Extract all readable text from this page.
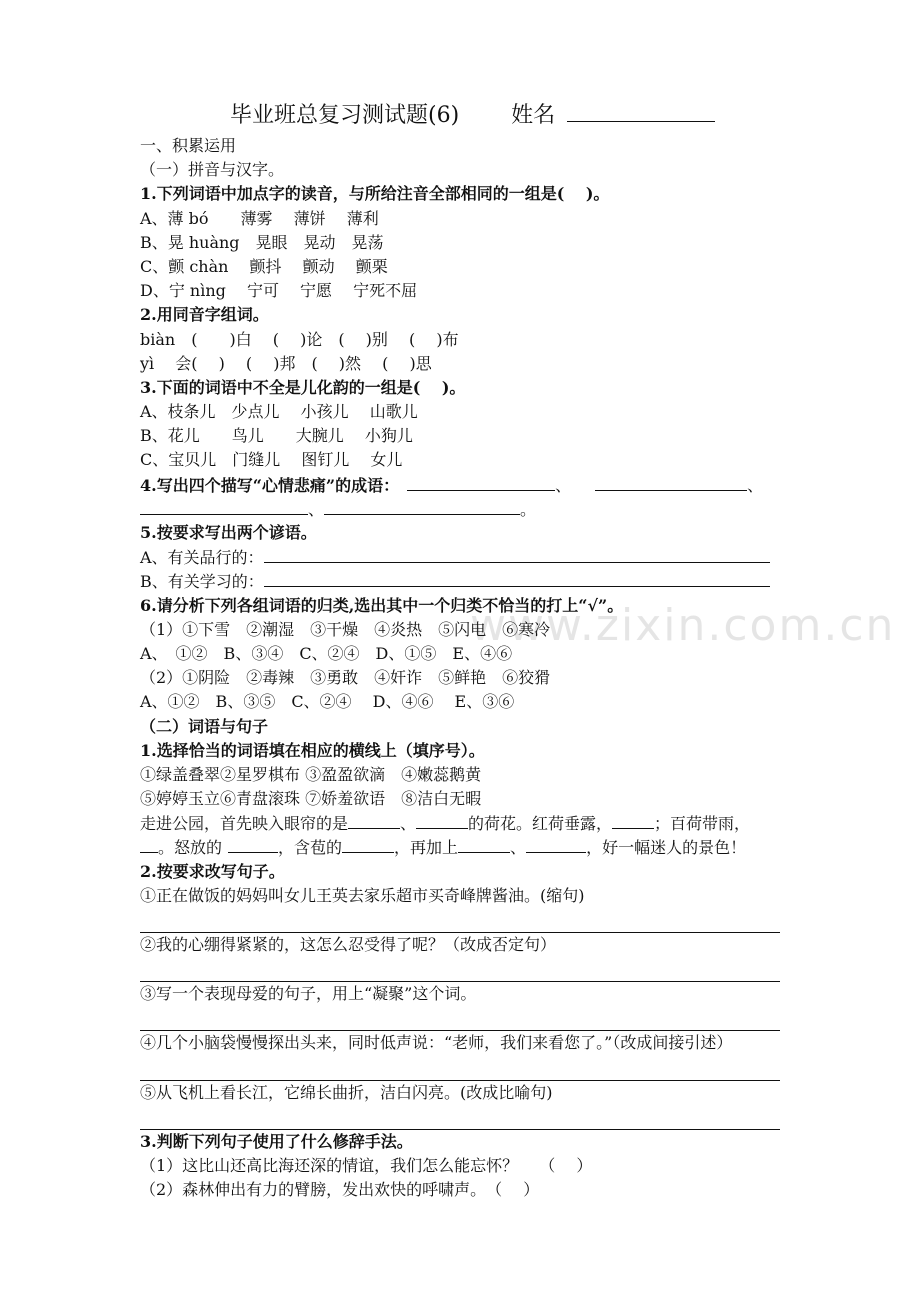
www.zixin.com.cn
毕业班总复习测试题(6) 姓名
一、积累运用
（一）拼音与汉字。
1.下列词语中加点字的读音，与所给注音全部相同的一组是(　 )。
A、薄 bó　　薄雾　 薄饼　 薄利
B、晃 huàng　晃眼　晃动　晃荡
C、颤 chàn　 颤抖　 颤动　 颤栗
D、宁 nìng　 宁可　 宁愿　 宁死不屈
2.用同音字组词。
biàn　(　　)白　 (　 )论　(　 )别　 (　 )布
yì　 会(　 )　 (　 )邦　(　 )然　 (　 )思
3.下面的词语中不全是儿化韵的一组是(　 )。
A、枝条儿　少点儿　 小孩儿　 山歌儿
B、花儿　　鸟儿　　大腕儿　 小狗儿
C、宝贝儿　门缝儿　 图钉儿　 女儿
4.写出四个描写“心情悲痛”的成语：	、	、
、	。
5.按要求写出两个谚语。
A、有关品行的：
B、有关学习的：
6.请分析下列各组词语的归类,选出其中一个归类不恰当的打上“√”。
（1）①下雪　②潮湿　③干燥　④炎热　⑤闪电　⑥寒冷
A、　①②　B、③④　C、②④　D、①⑤　E、④⑥
（2）①阴险　②毒辣　③勇敢　④奸诈　⑤鲜艳　⑥狡猾
A、①②　B、③⑤　C、②④　 D、④⑥　 E、③⑥
（二）词语与句子
1.选择恰当的词语填在相应的横线上（填序号）。
①绿盖叠翠②星罗棋布 ③盈盈欲滴　④嫩蕊鹅黄
⑤婷婷玉立⑥青盘滚珠 ⑦娇羞欲语　⑧洁白无暇
走进公园，首先映入眼帘的是	、	的荷花。红荷垂露，	；百荷带雨，
。怒放的	，含苞的	，再加上	、	，好一幅迷人的景色！
2.按要求改写句子。
①正在做饭的妈妈叫女儿王英去家乐超市买奇峰牌酱油。(缩句)
②我的心绷得紧紧的，这怎么忍受得了呢？（改成否定句）
③写一个表现母爱的句子，用上“凝聚”这个词。
④几个小脑袋慢慢探出头来，同时低声说：“老师，我们来看您了。”（改成间接引述）
⑤从飞机上看长江，它绵长曲折，洁白闪亮。(改成比喻句)
3.判断下列句子使用了什么修辞手法。
（1）这比山还高比海还深的情谊，我们怎么能忘怀？　 （　 ）
（2）森林伸出有力的臂膀，发出欢快的呼啸声。　（　 ）
